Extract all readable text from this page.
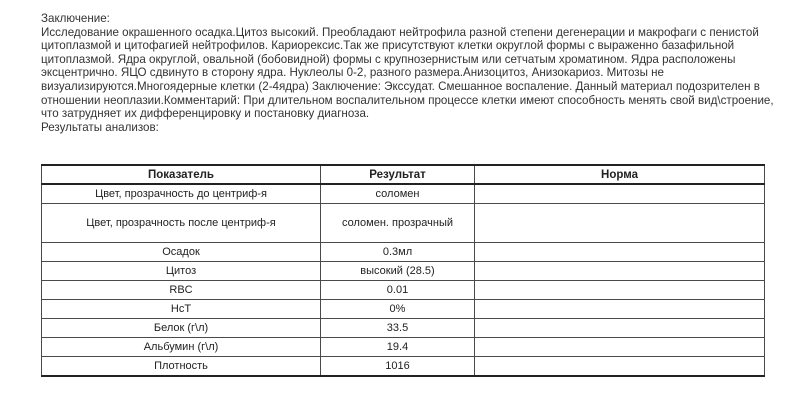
Заключение:
Исследование окрашенного осадка.Цитоз высокий. Преобладают нейтрофила разной степени дегенерации и макрофаги с пенистой
цитоплазмой и цитофагией нейтрофилов. Кариорексис.Так же присутствуют клетки округлой формы с выраженно базафильной
цитоплазмой. Ядра округлой, овальной (бобовидной) формы с крупнозернистым или сетчатым хроматином. Ядра расположены
эксцентрично. ЯЦО сдвинуто в сторону ядра. Нуклеолы 0-2, разного размера.Анизоцитоз, Анизокариоз. Митозы не
визуализируются.Многоядерные клетки (2-4ядра) Заключение: Экссудат. Смешанное воспаление. Данный материал подозрителен в
отношении неоплазии.Комментарий: При длительном воспалительном процессе клетки имеют способность менять свой вид\строение,
что затрудняет их дифференцировку и постановку диагноза.
Результаты анализов:
Показатель	Результат	Норма
Цвет, прозрачность до центриф-я	соломен	
Цвет, прозрачность после центриф-я	соломен. прозрачный	
Осадок	0.3мл	
Цитоз	высокий (28.5)	
RBC	0.01	
HcT	0%	
Белок (г\л)	33.5	
Альбумин (г\л)	19.4	
Плотность	1016	
